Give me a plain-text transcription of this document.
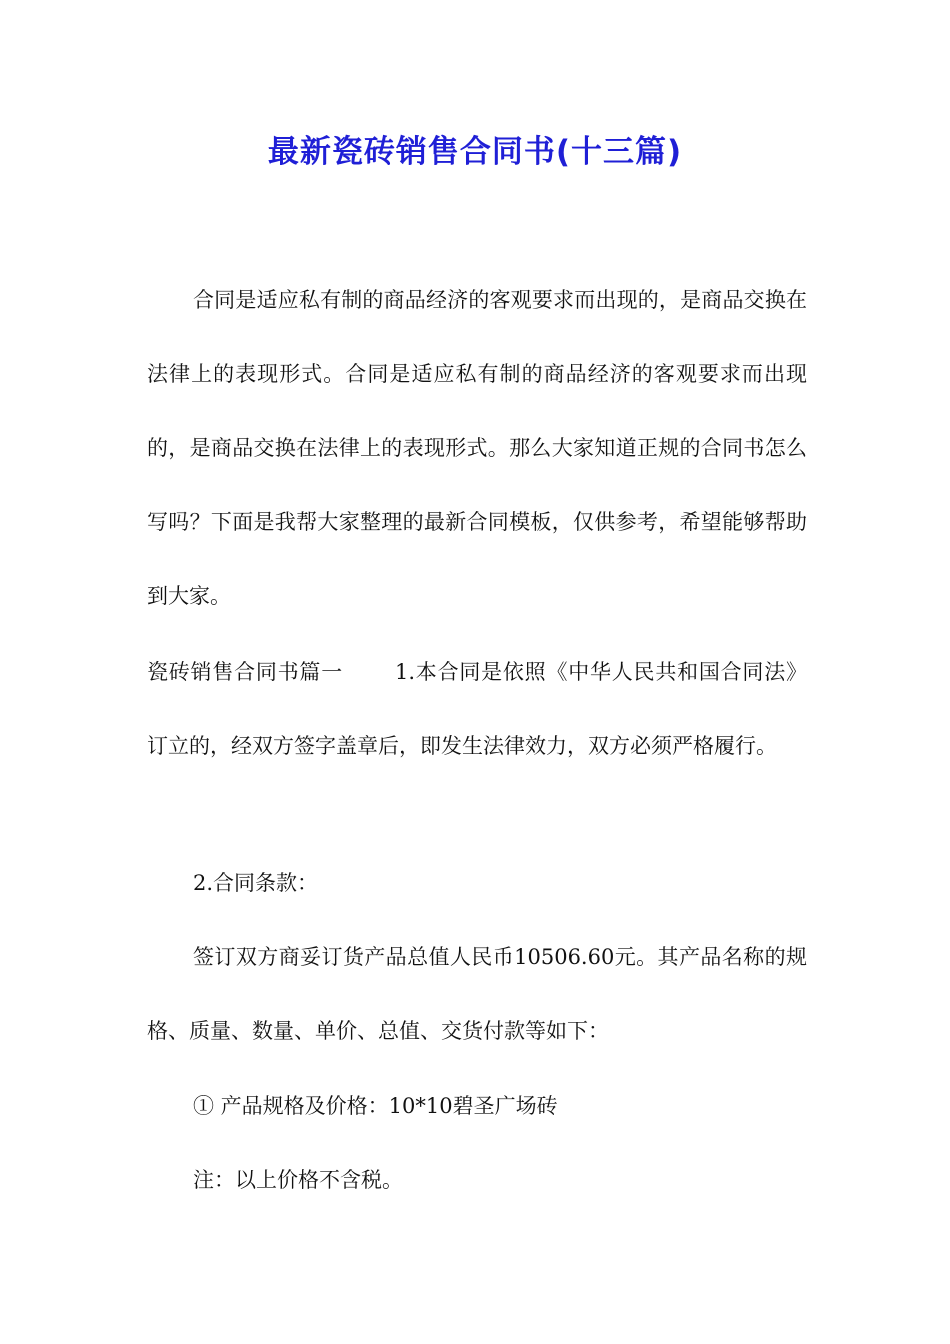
最新瓷砖销售合同书(十三篇)

合同是适应私有制的商品经济的客观要求而出现的，是商品交换在法律上的表现形式。合同是适应私有制的商品经济的客观要求而出现的，是商品交换在法律上的表现形式。那么大家知道正规的合同书怎么写吗？下面是我帮大家整理的最新合同模板，仅供参考，希望能够帮助到大家。

瓷砖销售合同书篇一 1.本合同是依照《中华人民共和国合同法》订立的，经双方签字盖章后，即发生法律效力，双方必须严格履行。

2.合同条款：

签订双方商妥订货产品总值人民币10506.60元。其产品名称的规格、质量、数量、单价、总值、交货付款等如下：

① 产品规格及价格：10*10碧圣广场砖

注：以上价格不含税。
